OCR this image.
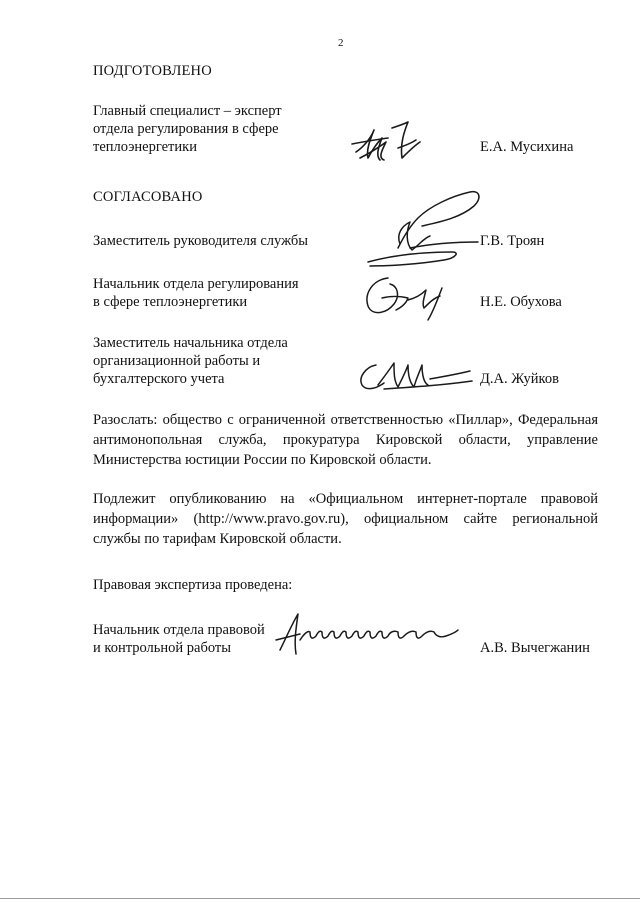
2
ПОДГОТОВЛЕНО
Главный специалист – эксперт
отдела регулирования в сфере
теплоэнергетики	Е.А. Мусихина
СОГЛАСОВАНО
Заместитель руководителя службы	Г.В. Троян
Начальник отдела регулирования
в сфере теплоэнергетики	Н.Е. Обухова
Заместитель начальника отдела
организационной работы и
бухгалтерского учета	Д.А. Жуйков
Разослать: общество с ограниченной ответственностью «Пиллар», Федеральная антимонопольная служба, прокуратура Кировской области, управление Министерства юстиции России по Кировской области.
Подлежит опубликованию на «Официальном интернет-портале правовой информации» (http://www.pravo.gov.ru), официальном сайте региональной службы по тарифам Кировской области.
Правовая экспертиза проведена:
Начальник отдела правовой
и контрольной работы	А.В. Вычегжанин
